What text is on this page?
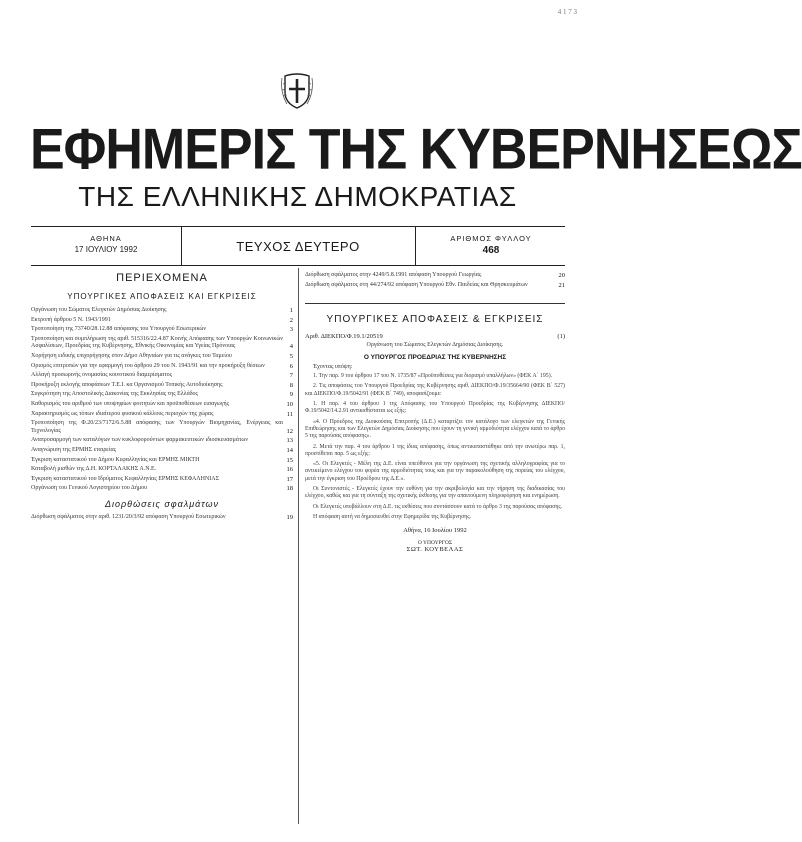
4 1 7 3
ΕΦΗΜΕΡΙΣ ΤΗΣ ΚΥΒΕΡΝΗΣΕΩΣ
ΤΗΣ ΕΛΛΗΝΙΚΗΣ ΔΗΜΟΚΡΑΤΙΑΣ
ΑΘΗΝΑ
17 ΙΟΥΛΙΟΥ 1992	ΤΕΥΧΟΣ ΔΕΥΤΕΡΟ
ΑΡΙΘΜΟΣ ΦΥΛΛΟΥ
468
ΠΕΡΙΕΧΟΜΕΝΑ
ΥΠΟΥΡΓΙΚΕΣ ΑΠΟΦΑΣΕΙΣ ΚΑΙ ΕΓΚΡΙΣΕΙΣ
Οργάνωση του Σώματος Ελεγκτών Δημόσιας Διοίκησης	1
Εκτροπή άρθρου 5 Ν. 1943/1991	2
Τροποποίηση της 73740/28.12.88 απόφασης του Υπουργού Εσωτερικών	3
Τροποποίηση και συμπλήρωση της αριθ. 515316/22.4.87 Κοινής Απόφασης των Υπουργών Κοινωνικών Ασφαλίσεων, Προεδρίας της Κυβέρνησης, Εθνικής Οικονομίας και Υγείας Πρόνοιας	4
Χορήγηση ειδικής επιχορήγησης στον Δήμο Αθηναίων για τις ανάγκες του Ταμείου	5
Ορισμός επιτροπών για την εφαρμογή του άρθρου 29 του Ν. 1943/91 και την προκήρυξη θέσεων	6
Αλλαγή προσωρινής ονομασίας κοινοτικού διαμερίσματος	7
Προκήρυξη εκλογής αποφάσεων Τ.Ε.Ι. κα Οργανισμού Τοπικής Αυτοδιοίκησης	8
Συγκρότηση της Αποστολικής Διακονίας της Εκκλησίας της Ελλάδος	9
Καθορισμός του αριθμού των υποψηφίων φοιτητών και προϋποθέσεων εισαγωγής	10
Χαρακτηρισμός ως τόπων ιδιαίτερου φυσικού κάλλους περιοχών της χώρας	11
Τροποποίηση της Φ.20/23/7172/6.5.88 απόφασης των Υπουργών Βιομηχανίας, Ενέργειας και Τεχνολογίας	12
Αναπροσαρμογή των καταλόγων των κυκλοφορούντων φαρμακευτικών ιδιοσκευασμάτων	13
Αναγνώριση της ΕΡΜΗΣ εταιρείας	14
Έγκριση καταστατικού του Δήμου Κεφαλληνίας και ΕΡΜΗΣ ΜΙΚΤΗ	15
Καταβολή μισθών της Δ.Η. ΚΟΡΤΑΛΑΚΗΣ Α.Ν.Ε.	16
Έγκριση καταστατικού του Ιδρύματος Κεφαλληνίας ΕΡΜΗΣ ΚΕΦΑΛΗΝΙΑΣ	17
Οργάνωση του Γενικού Λογιστηρίου του Δήμου	18
Διορθώσεις σφαλμάτων
Διόρθωση σφάλματος στην αριθ. 1231/20/3/92 απόφαση Υπουργού Εσωτερικών	19
Διόρθωση σφάλματος στην 4249/5.8.1991 απόφαση Υπουργού Γεωργίας	20
Διόρθωση σφάλματος στη 44/274/92 απόφαση Υπουργού Εθν. Παιδείας και Θρησκευμάτων	21
ΥΠΟΥΡΓΙΚΕΣ ΑΠΟΦΑΣΕΙΣ & ΕΓΚΡΙΣΕΙΣ
Αριθ. ΔΙΕΚΠΟ/Φ.19.1/20519	(1)
Οργάνωση του Σώματος Ελεγκτών Δημόσιας Διοίκησης.
Ο ΥΠΟΥΡΓΟΣ ΠΡΟΕΔΡΙΑΣ ΤΗΣ ΚΥΒΕΡΝΗΣΗΣ
Έχοντας υπόψη:

1. Την παρ. 9 του άρθρου 17 του Ν. 1735/87 «Προϋποθέσεις για διορισμό υπαλλήλων» (ΦΕΚ Α΄ 195).

2. Τις αποφάσεις του Υπουργού Προεδρίας της Κυβέρνησης αριθ. ΔΙΕΚΠΟ/Φ.19/35664/90 (ΦΕΚ Β΄ 527) και ΔΙΕΚΠΟ/Φ.19/5042/91 (ΦΕΚ Β΄ 749), αποφασίζουμε:

1. Η παρ. 4 του άρθρου 1 της Απόφασης του Υπουργού Προεδρίας της Κυβέρνησης ΔΙΕΚΠΟ/Φ.19/5042/14.2.91 αντικαθίσταται ως εξής:

«4. Ο Πρόεδρος της Διοικούσας Επιτροπής (Δ.Ε.) καταρτίζει τον κατάλογο των ελεγκτών της Γενικής Επιθεώρησης και των Ελεγκτών Δημόσιας Διοίκησης που έχουν τη γενική αρμοδιότητα ελέγχου κατά το άρθρο 5 της παρούσας απόφασης».

2. Μετά την παρ. 4 του άρθρου 1 της ίδιας απόφασης, όπως αντικαταστάθηκε από την ανωτέρω παρ. 1, προστίθεται παρ. 5 ως εξής:

«5. Οι Ελεγκτές - Μέλη της Δ.Ε. είναι υπεύθυνοι για την οργάνωση της σχετικής αλληλογραφίας για το αντικείμενο ελέγχου του φορέα της αρμοδιότητας τους και για την παρακολούθηση της πορείας του ελέγχου, μετά την έγκριση του Προέδρου της Δ.Ε.».

Οι Συντονιστές - Ελεγκτές έχουν την ευθύνη για την ακριβολογία και την τήρηση της διαδικασίας του ελέγχου, καθώς και για τη σύνταξη της σχετικής έκθεσης για την απαιτούμενη πληροφόρηση και ενημέρωση.

Οι Ελεγκτές υποβάλλουν στη Δ.Ε. τις εκθέσεις που συντάσσουν κατά το άρθρο 3 της παρούσας απόφασης.

Η απόφαση αυτή να δημοσιευθεί στην Εφημερίδα της Κυβέρνησης.

Αθήνα, 16 Ιουλίου 1992
Ο ΥΠΟΥΡΓΟΣ
ΣΩΤ. ΚΟΥΒΕΛΑΣ
